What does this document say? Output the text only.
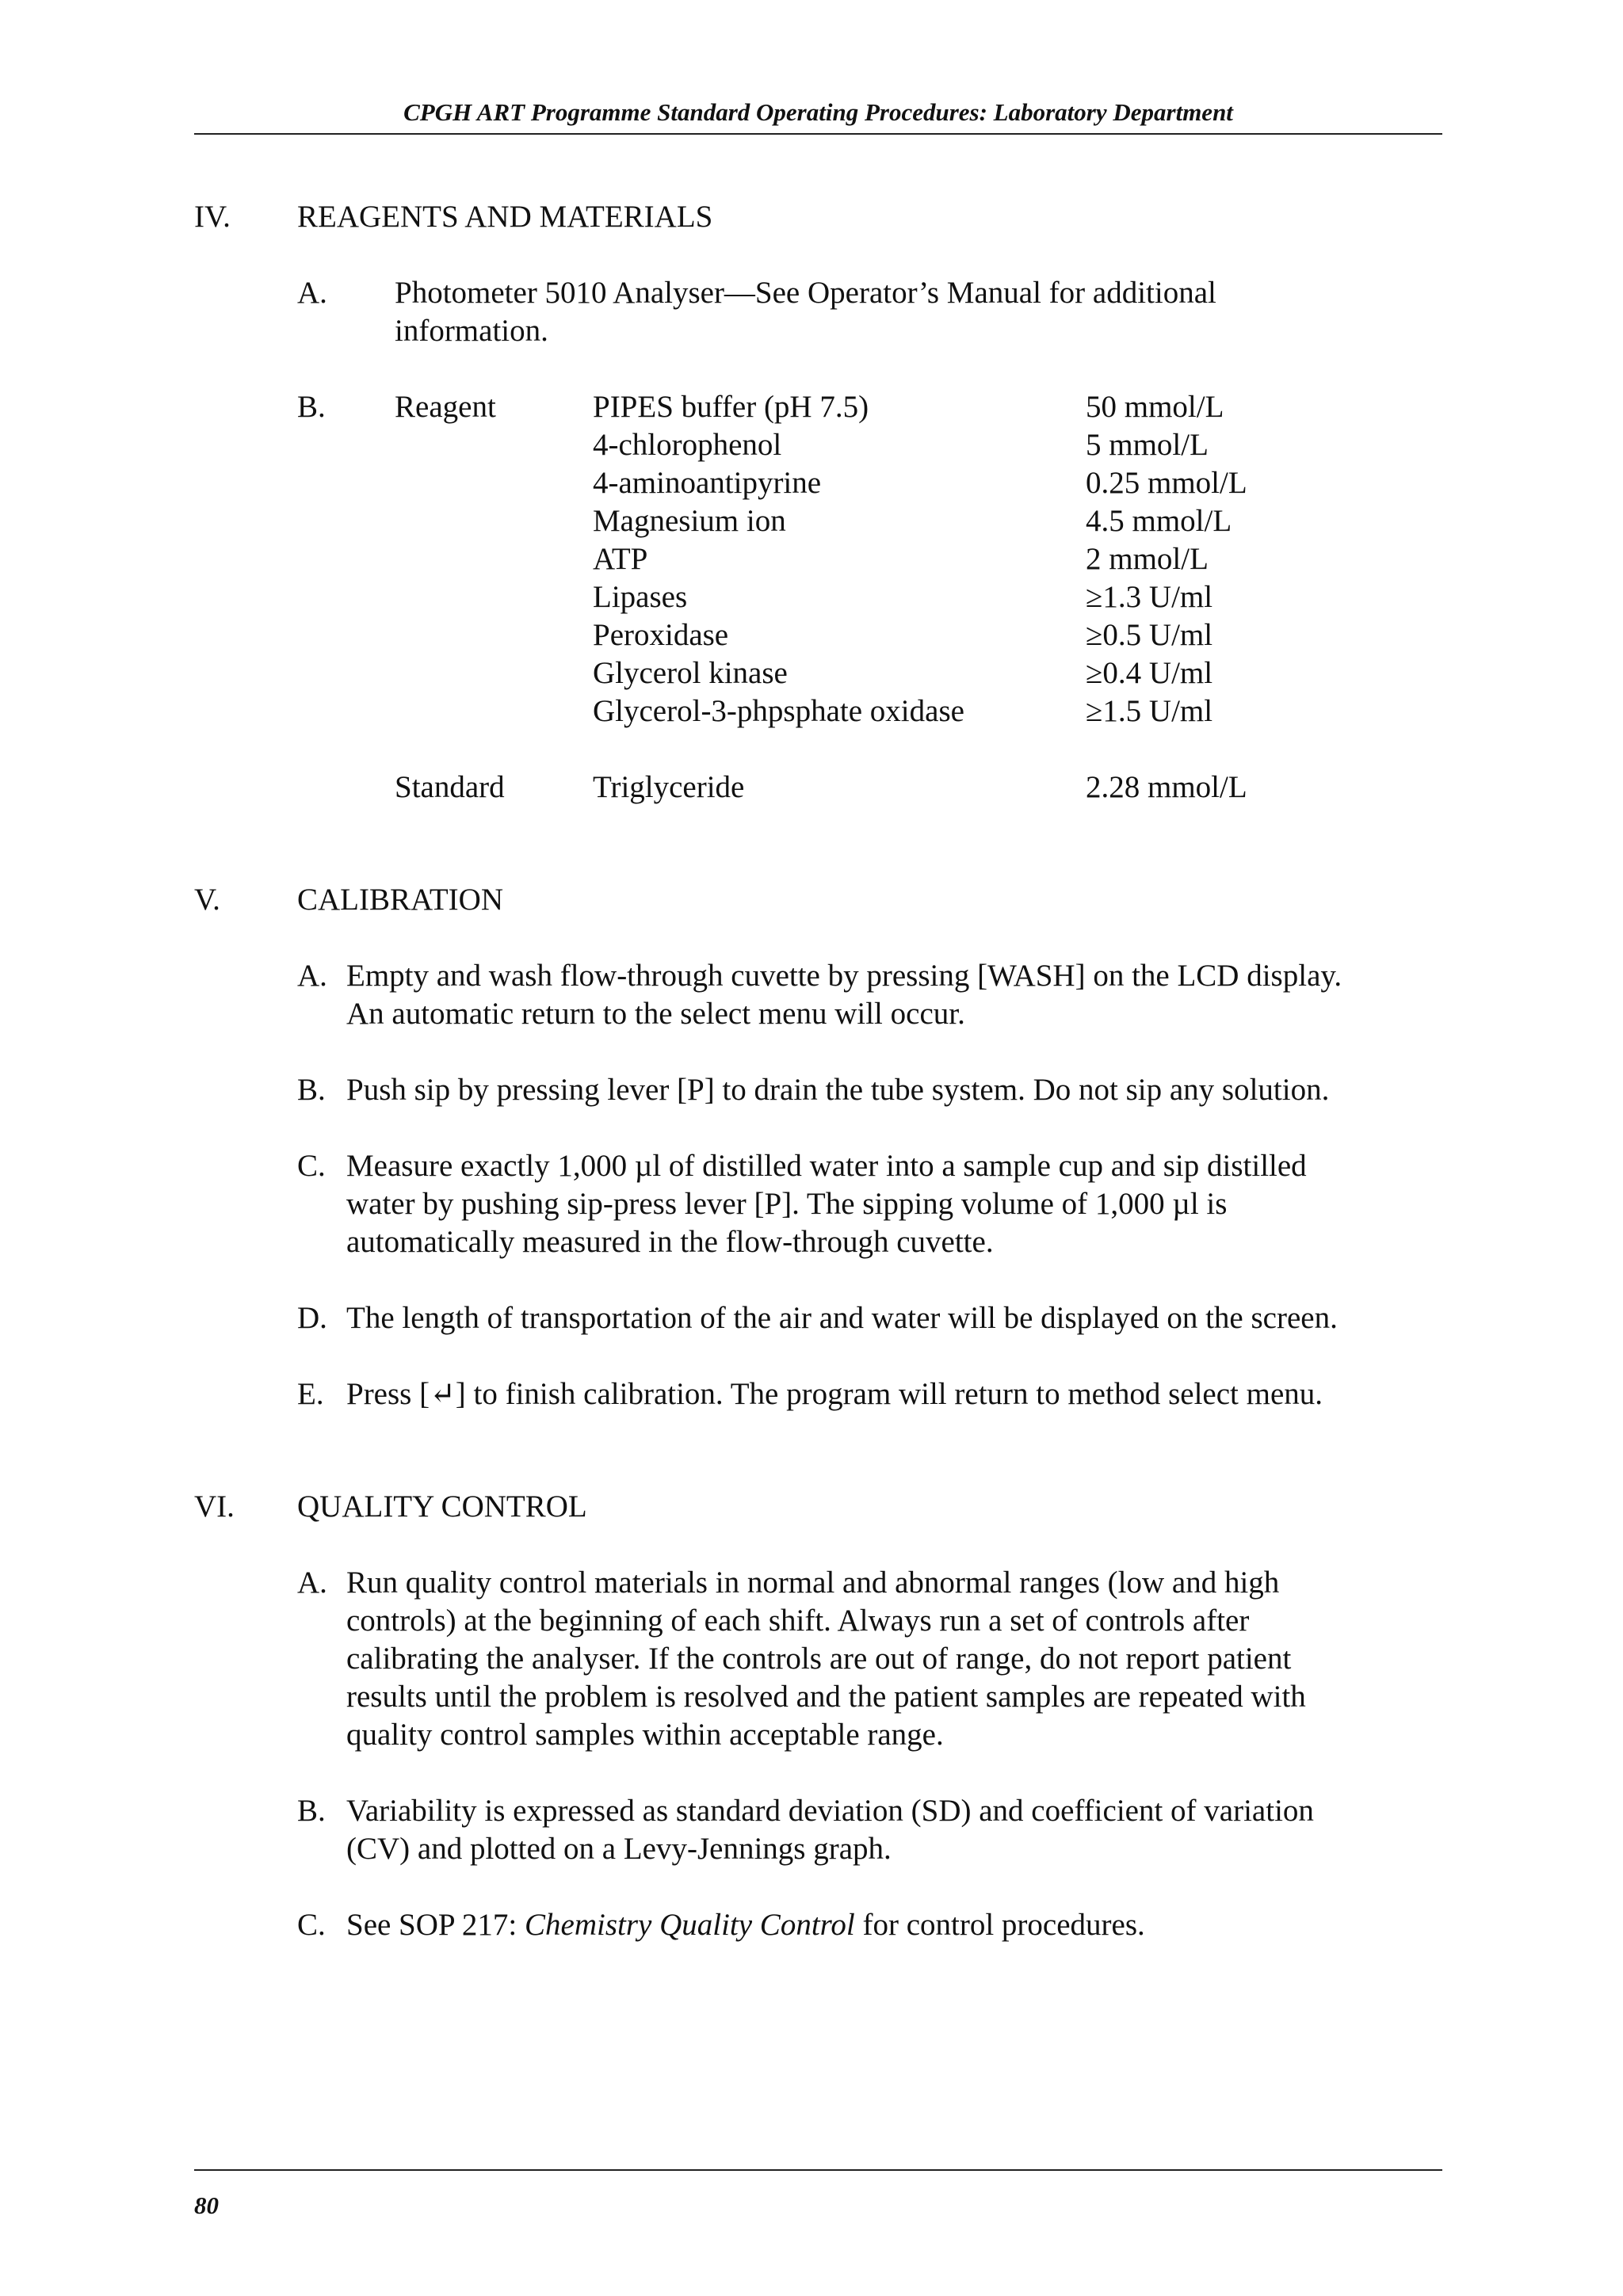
CPGH ART Programme Standard Operating Procedures: Laboratory Department
IV. REAGENTS AND MATERIALS
A. Photometer 5010 Analyser—See Operator’s Manual for additional
information.
B. Reagent	PIPES buffer (pH 7.5)	50 mmol/L
4-chlorophenol	5 mmol/L
4-aminoantipyrine	0.25 mmol/L
Magnesium ion	4.5 mmol/L
ATP	2 mmol/L
Lipases	≥1.3 U/ml
Peroxidase	≥0.5 U/ml
Glycerol kinase	≥0.4 U/ml
Glycerol-3-phpsphate oxidase	≥1.5 U/ml
Standard	Triglyceride	2.28 mmol/L
V. CALIBRATION
A. Empty and wash flow-through cuvette by pressing [WASH] on the LCD display.
An automatic return to the select menu will occur.
B. Push sip by pressing lever [P] to drain the tube system. Do not sip any solution.
C. Measure exactly 1,000 µl of distilled water into a sample cup and sip distilled
water by pushing sip-press lever [P]. The sipping volume of 1,000 µl is
automatically measured in the flow-through cuvette.
D. The length of transportation of the air and water will be displayed on the screen.
E. Press [↵] to finish calibration. The program will return to method select menu.
VI. QUALITY CONTROL
A. Run quality control materials in normal and abnormal ranges (low and high
controls) at the beginning of each shift. Always run a set of controls after
calibrating the analyser. If the controls are out of range, do not report patient
results until the problem is resolved and the patient samples are repeated with
quality control samples within acceptable range.
B. Variability is expressed as standard deviation (SD) and coefficient of variation
(CV) and plotted on a Levy-Jennings graph.
C. See SOP 217: Chemistry Quality Control for control procedures.
80
